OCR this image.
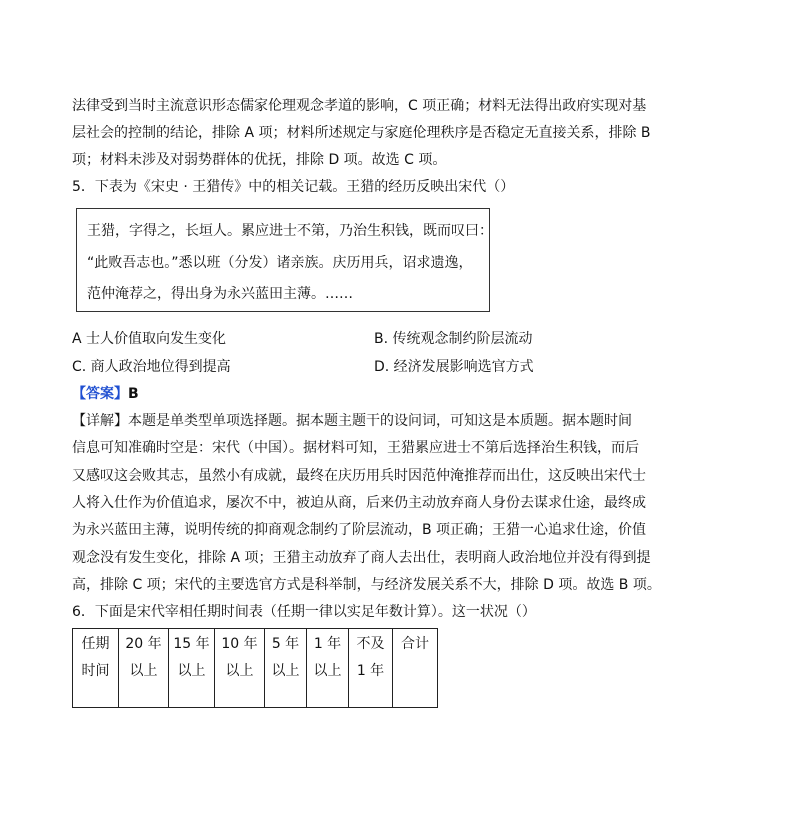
法律受到当时主流意识形态儒家伦理观念孝道的影响，C 项正确；材料无法得出政府实现对基

层社会的控制的结论，排除 A 项；材料所述规定与家庭伦理秩序是否稳定无直接关系，排除 B

项；材料未涉及对弱势群体的优抚，排除 D 项。故选 C 项。

5．下表为《宋史 · 王猎传》中的相关记载。王猎的经历反映出宋代（）

王猎，字得之，长垣人。累应进士不第，乃治生积钱，既而叹曰：

“此败吾志也。”悉以班（分发）诸亲族。庆历用兵，诏求遗逸，

范仲淹荐之，得出身为永兴蓝田主薄。……

A 士人价值取向发生变化	B. 传统观念制约阶层流动

C. 商人政治地位得到提高	D. 经济发展影响选官方式

【答案】B

【详解】本题是单类型单项选择题。据本题主题干的设问词，可知这是本质题。据本题时间

信息可知准确时空是：宋代（中国）。据材料可知，王猎累应进士不第后选择治生积钱，而后

又感叹这会败其志，虽然小有成就，最终在庆历用兵时因范仲淹推荐而出仕，这反映出宋代士

人将入仕作为价值追求，屡次不中，被迫从商，后来仍主动放弃商人身份去谋求仕途，最终成

为永兴蓝田主薄，说明传统的抑商观念制约了阶层流动，B 项正确；王猎一心追求仕途，价值

观念没有发生变化，排除 A 项；王猎主动放弃了商人去出仕，表明商人政治地位并没有得到提

高，排除 C 项；宋代的主要选官方式是科举制，与经济发展关系不大，排除 D 项。故选 B 项。

6．下面是宋代宰相任期时间表（任期一律以实足年数计算）。这一状况（）

任期时间	20 年以上	15 年以上	10 年以上	5 年以上	1 年以上	不及 1 年	合计
